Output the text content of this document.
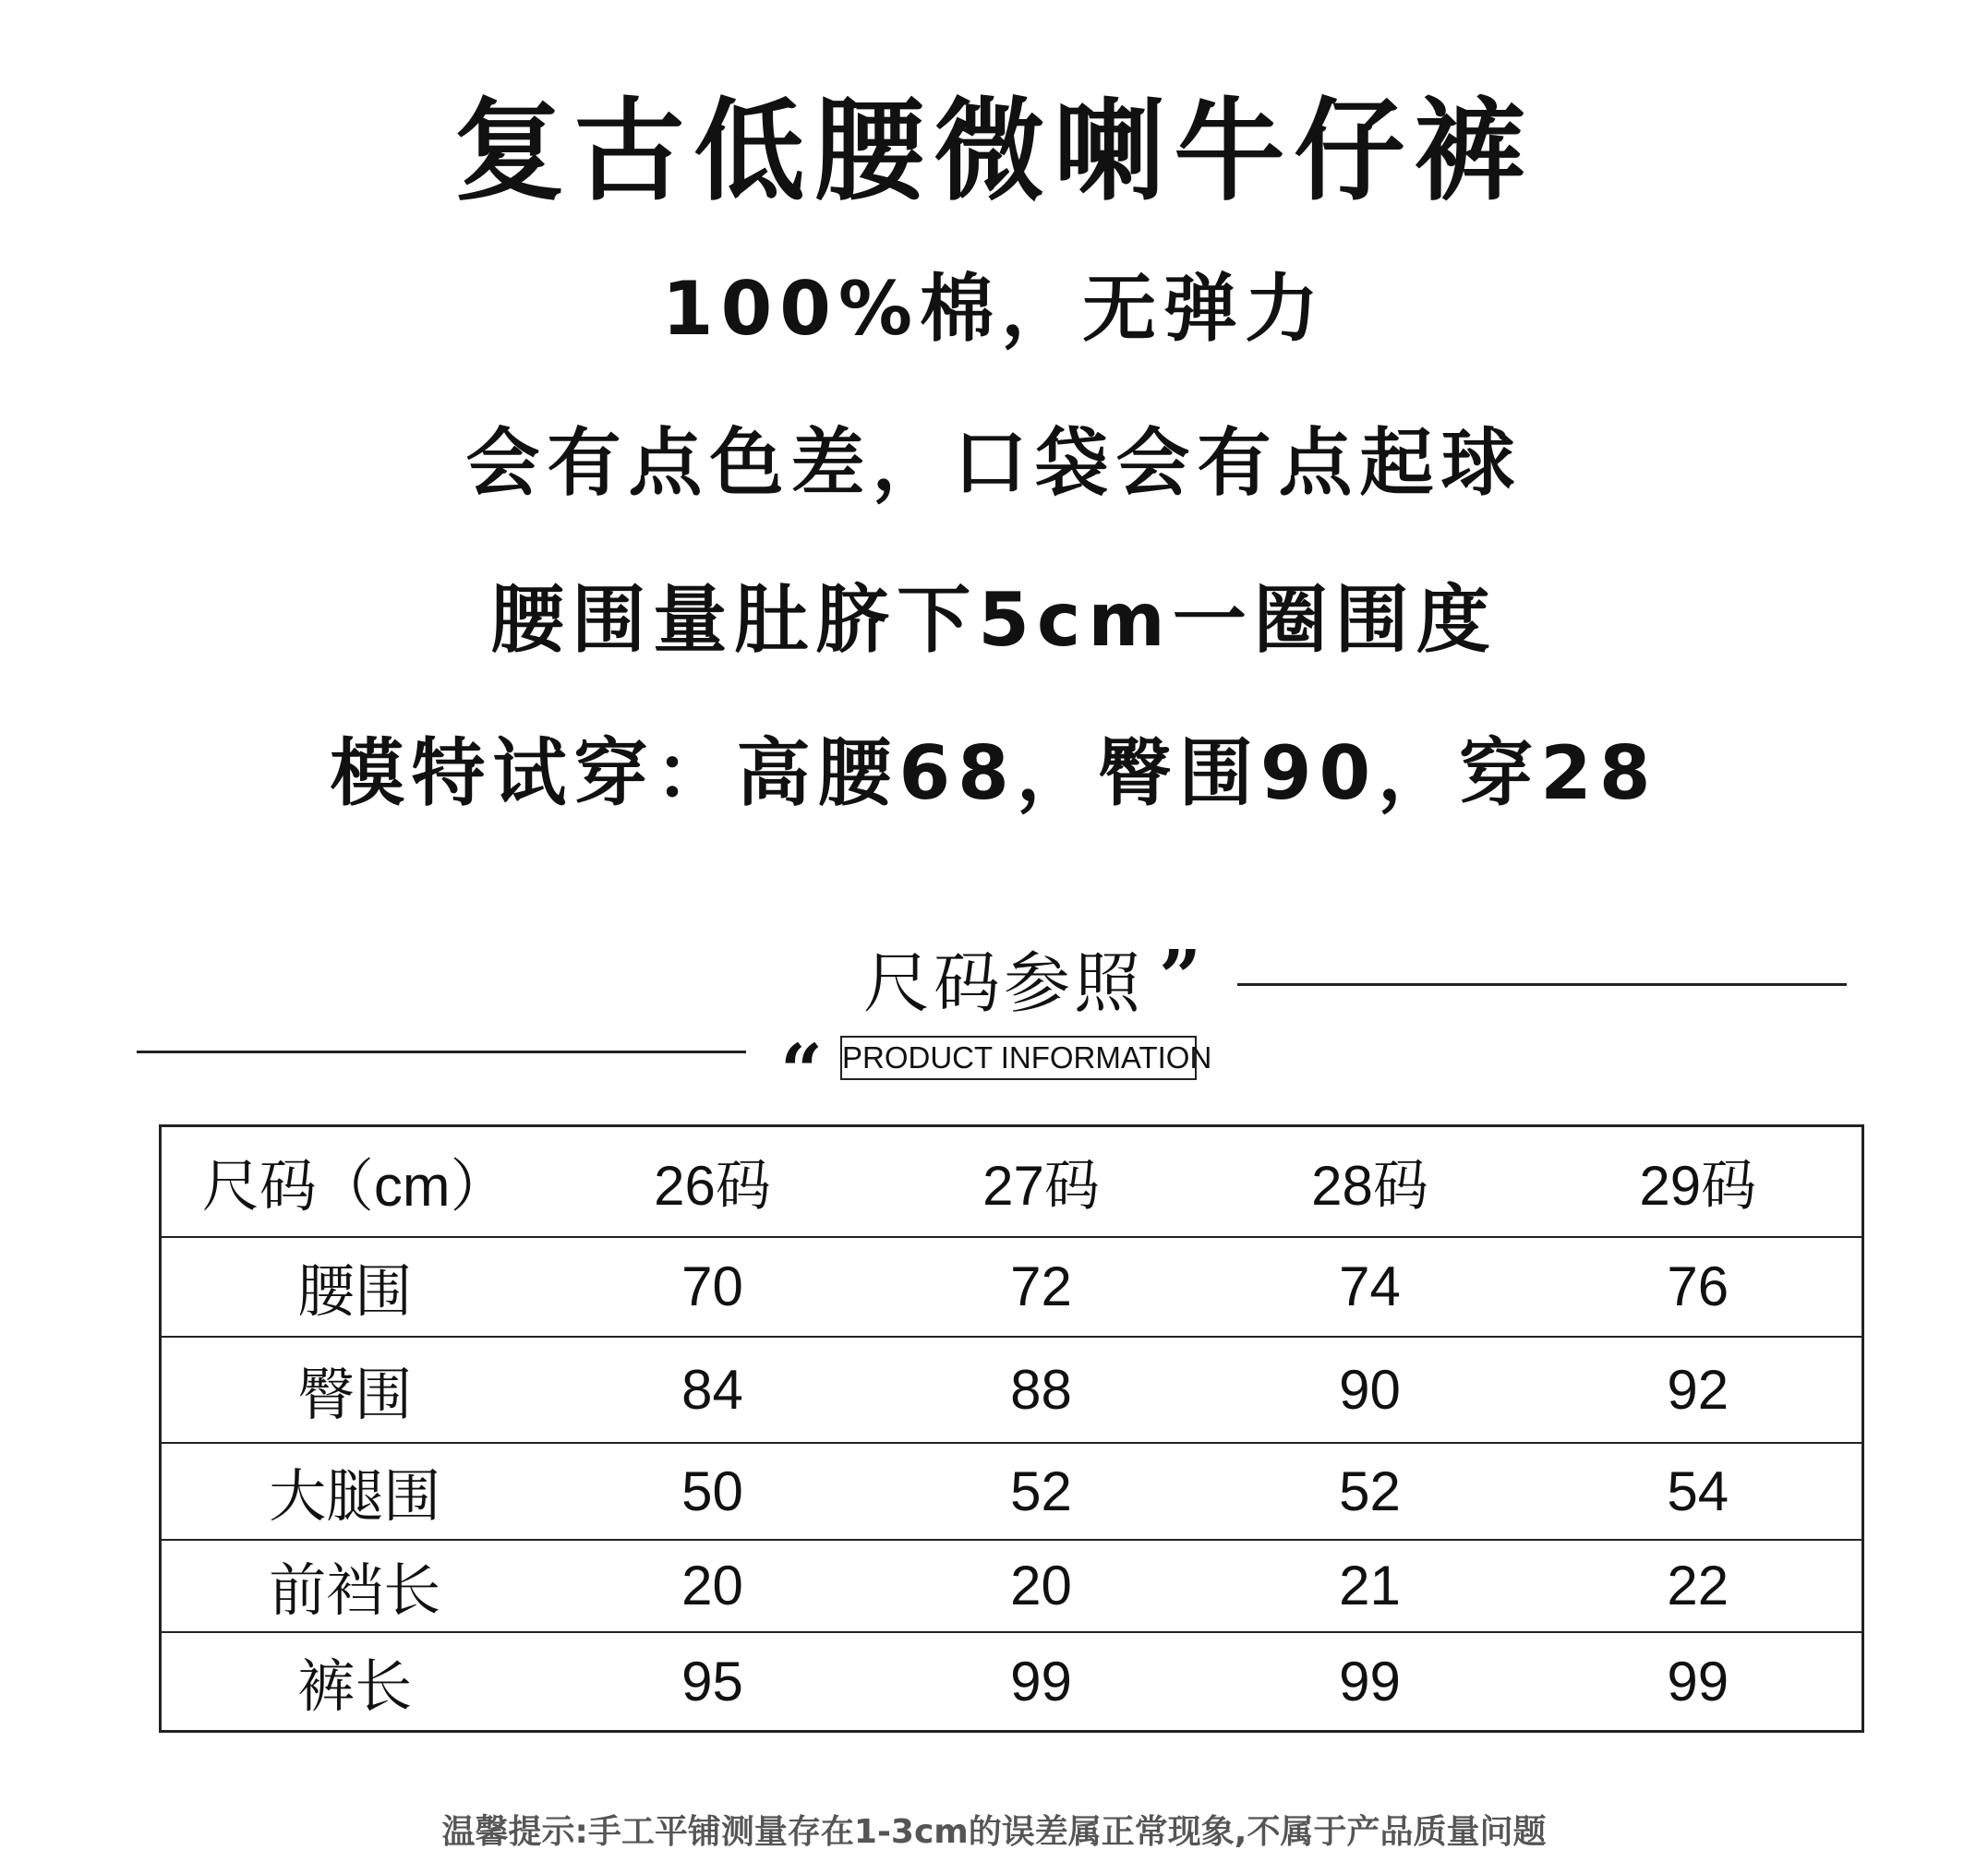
复古低腰微喇牛仔裤
100%棉，无弹力
会有点色差，口袋会有点起球
腰围量肚脐下5cm一圈围度
模特试穿：高腰68，臀围90，穿28
尺码参照 ”
“ PRODUCT INFORMATION
尺码（cm）	26码	27码	28码	29码
腰围	70	72	74	76
臀围	84	88	90	92
大腿围	50	52	52	54
前裆长	20	20	21	22
裤长	95	99	99	99
温馨提示:手工平铺测量存在1-3cm的误差属正常现象,不属于产品质量问题
